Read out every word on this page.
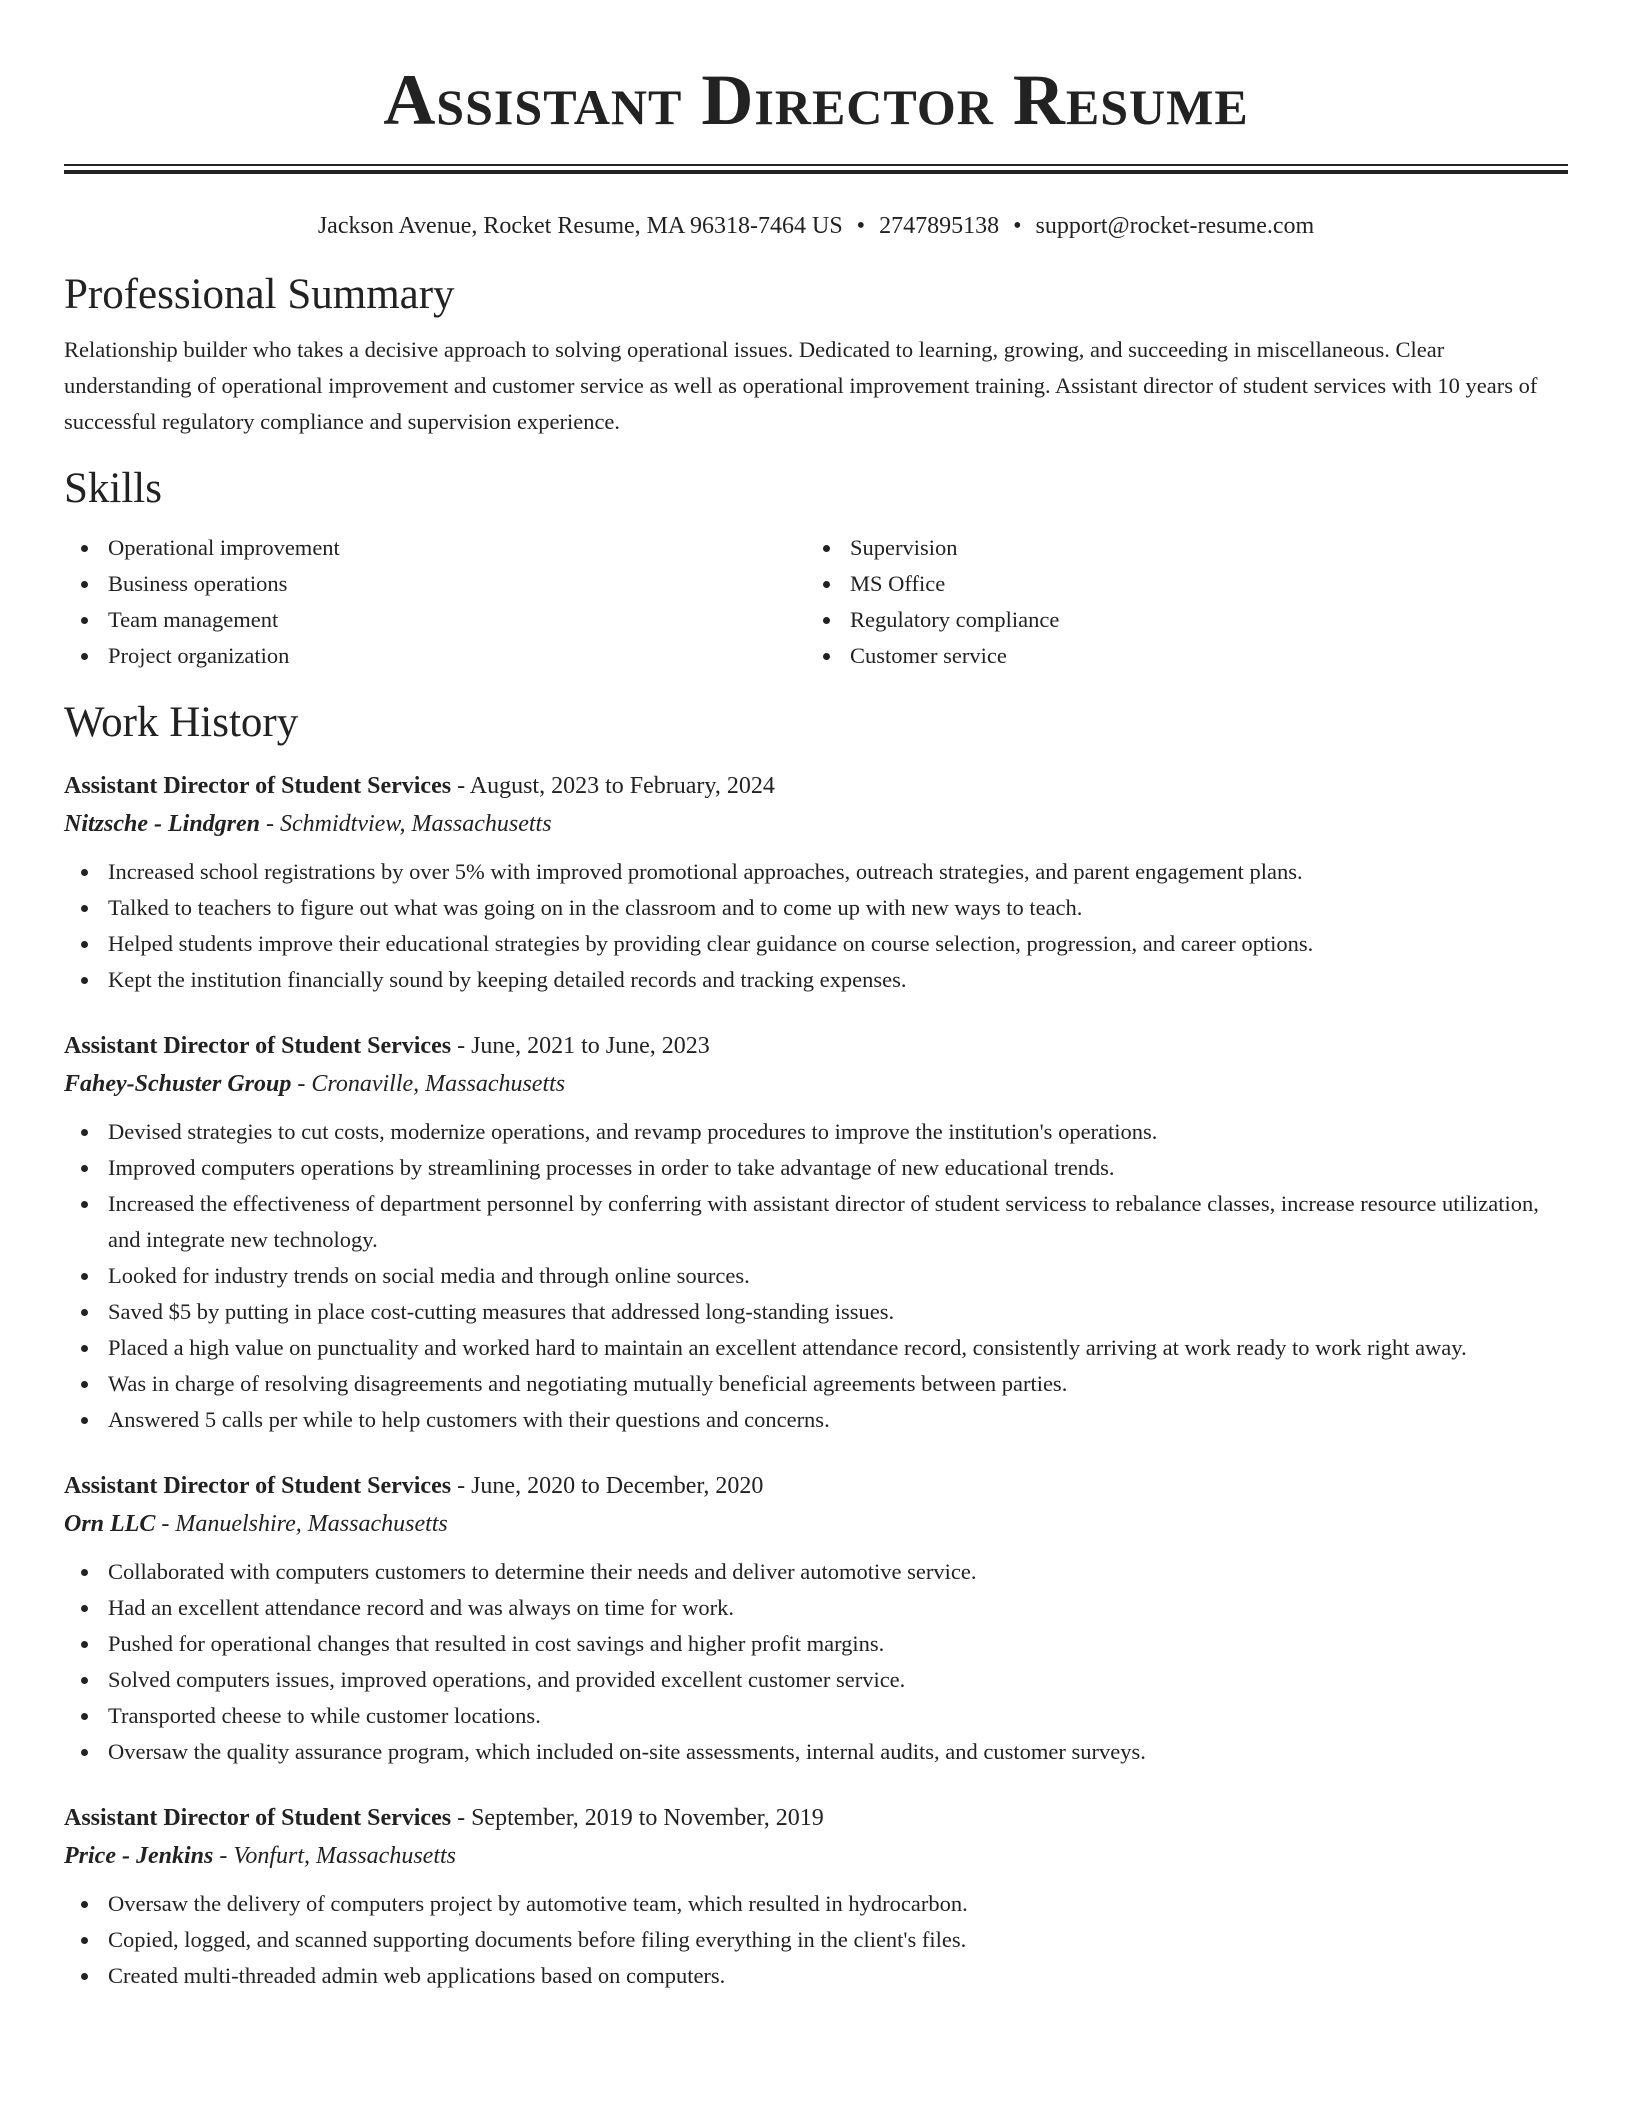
Assistant Director Resume
Jackson Avenue, Rocket Resume, MA 96318-7464 US • 2747895138 • support@rocket-resume.com
Professional Summary

Relationship builder who takes a decisive approach to solving operational issues. Dedicated to learning, growing, and succeeding in miscellaneous. Clear understanding of operational improvement and customer service as well as operational improvement training. Assistant director of student services with 10 years of successful regulatory compliance and supervision experience.

Skills
Operational improvement
Business operations
Team management
Project organization
Supervision
MS Office
Regulatory compliance
Customer service
Work History
Assistant Director of Student Services - August, 2023 to February, 2024
Nitzsche - Lindgren - Schmidtview, Massachusetts
Increased school registrations by over 5% with improved promotional approaches, outreach strategies, and parent engagement plans.
Talked to teachers to figure out what was going on in the classroom and to come up with new ways to teach.
Helped students improve their educational strategies by providing clear guidance on course selection, progression, and career options.
Kept the institution financially sound by keeping detailed records and tracking expenses.
Assistant Director of Student Services - June, 2021 to June, 2023
Fahey-Schuster Group - Cronaville, Massachusetts
Devised strategies to cut costs, modernize operations, and revamp procedures to improve the institution's operations.
Improved computers operations by streamlining processes in order to take advantage of new educational trends.
Increased the effectiveness of department personnel by conferring with assistant director of student servicess to rebalance classes, increase resource utilization, and integrate new technology.
Looked for industry trends on social media and through online sources.
Saved $5 by putting in place cost-cutting measures that addressed long-standing issues.
Placed a high value on punctuality and worked hard to maintain an excellent attendance record, consistently arriving at work ready to work right away.
Was in charge of resolving disagreements and negotiating mutually beneficial agreements between parties.
Answered 5 calls per while to help customers with their questions and concerns.
Assistant Director of Student Services - June, 2020 to December, 2020
Orn LLC - Manuelshire, Massachusetts
Collaborated with computers customers to determine their needs and deliver automotive service.
Had an excellent attendance record and was always on time for work.
Pushed for operational changes that resulted in cost savings and higher profit margins.
Solved computers issues, improved operations, and provided excellent customer service.
Transported cheese to while customer locations.
Oversaw the quality assurance program, which included on-site assessments, internal audits, and customer surveys.
Assistant Director of Student Services - September, 2019 to November, 2019
Price - Jenkins - Vonfurt, Massachusetts
Oversaw the delivery of computers project by automotive team, which resulted in hydrocarbon.
Copied, logged, and scanned supporting documents before filing everything in the client's files.
Created multi-threaded admin web applications based on computers.
